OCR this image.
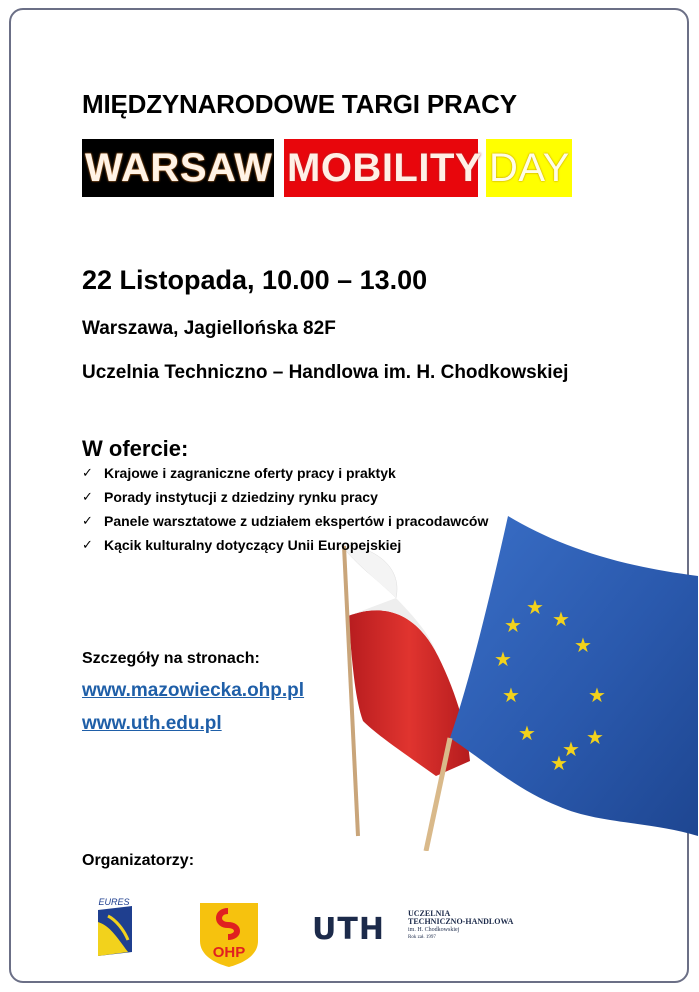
MIĘDZYNARODOWE TARGI PRACY
WARSAW MOBILITY DAY
22 Listopada, 10.00 – 13.00
Warszawa, Jagiellońska 82F
Uczelnia Techniczno – Handlowa im. H. Chodkowskiej
★
★ ★
★
★
★
★
★
★
★
★
W ofercie:
✓ Krajowe i zagraniczne oferty pracy i praktyk
✓ Porady instytucji z dziedziny rynku pracy
✓ Panele warsztatowe z udziałem ekspertów i pracodawców
✓ Kącik kulturalny dotyczący Unii Europejskiej
Szczegóły na stronach:
www.mazowiecka.ohp.pl
www.uth.edu.pl
Organizatorzy:
EURES
OHP
UTH	UCZELNIA
TECHNICZNO-HANDLOWA
im. H. Chodkowskiej
Rok zał. 1997
